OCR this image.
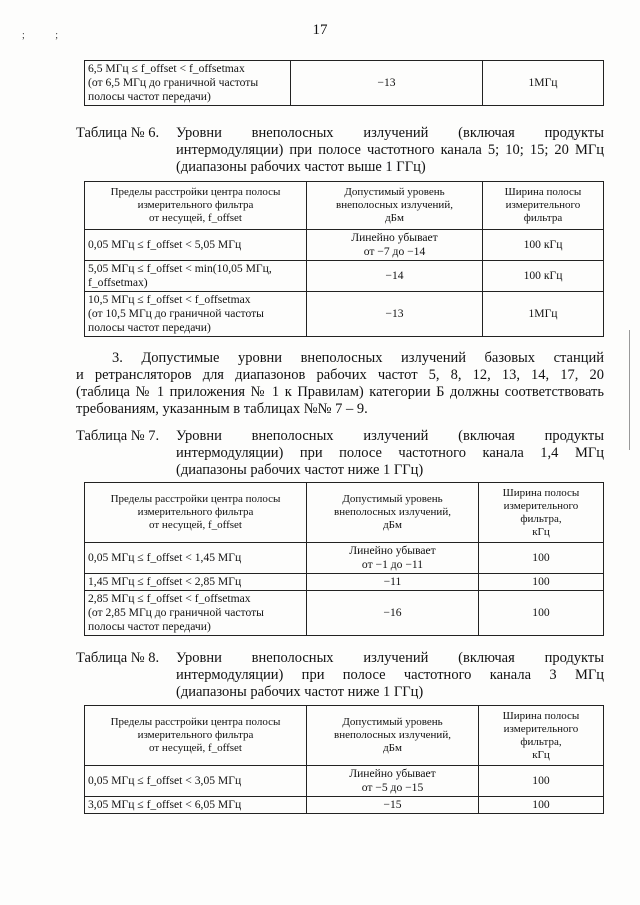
17
; ;
6,5 МГц ≤ f_offset < f_offsetmax
(от 6,5 МГц до граничной частоты
полосы частот передачи)	−13	1МГц
Таблица № 6.	Уровни внеполосных излучений (включая продукты
интермодуляции) при полосе частотного канала 5; 10; 15; 20 МГц
(диапазоны рабочих частот выше 1 ГГц)
Пределы расстройки центра полосы
измерительного фильтра
от несущей, f_offset	Допустимый уровень
внеполосных излучений,
дБм	Ширина полосы
измерительного
фильтра
0,05 МГц ≤ f_offset < 5,05 МГц	Линейно убывает
от −7 до −14	100 кГц
5,05 МГц ≤ f_offset < min(10,05 МГц,
f_offsetmax)	−14	100 кГц
10,5 МГц ≤ f_offset < f_offsetmax
(от 10,5 МГц до граничной частоты
полосы частот передачи)	−13	1МГц
3. Допустимые уровни внеполосных излучений базовых станций
и ретрансляторов для диапазонов рабочих частот 5, 8, 12, 13, 14, 17, 20
(таблица № 1 приложения № 1 к Правилам) категории Б должны соответствовать
требованиям, указанным в таблицах №№ 7 – 9.
Таблица № 7.	Уровни внеполосных излучений (включая продукты
интермодуляции) при полосе частотного канала 1,4 МГц
(диапазоны рабочих частот ниже 1 ГГц)
Пределы расстройки центра полосы
измерительного фильтра
от несущей, f_offset	Допустимый уровень
внеполосных излучений,
дБм	Ширина полосы
измерительного
фильтра,
кГц
0,05 МГц ≤ f_offset < 1,45 МГц	Линейно убывает
от −1 до −11	100
1,45 МГц ≤ f_offset < 2,85 МГц	−11	100
2,85 МГц ≤ f_offset < f_offsetmax
(от 2,85 МГц до граничной частоты
полосы частот передачи)	−16	100
Таблица № 8.	Уровни внеполосных излучений (включая продукты
интермодуляции) при полосе частотного канала 3 МГц
(диапазоны рабочих частот ниже 1 ГГц)
Пределы расстройки центра полосы
измерительного фильтра
от несущей, f_offset	Допустимый уровень
внеполосных излучений,
дБм	Ширина полосы
измерительного
фильтра,
кГц
0,05 МГц ≤ f_offset < 3,05 МГц	Линейно убывает
от −5 до −15	100
3,05 МГц ≤ f_offset < 6,05 МГц	−15	100
